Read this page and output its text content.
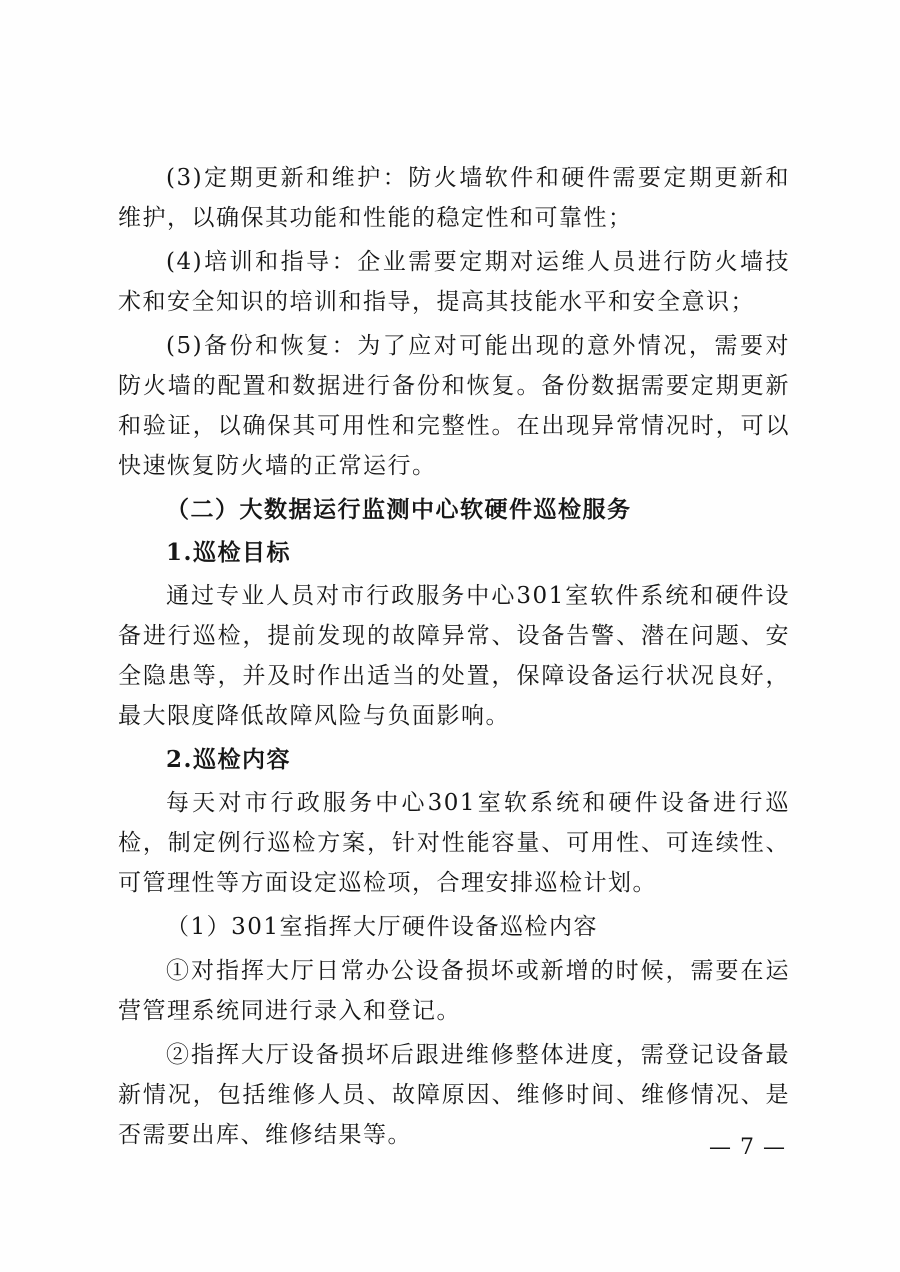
(3)定期更新和维护：防火墙软件和硬件需要定期更新和维护，以确保其功能和性能的稳定性和可靠性；

(4)培训和指导：企业需要定期对运维人员进行防火墙技术和安全知识的培训和指导，提高其技能水平和安全意识；

(5)备份和恢复：为了应对可能出现的意外情况，需要对防火墙的配置和数据进行备份和恢复。备份数据需要定期更新和验证，以确保其可用性和完整性。在出现异常情况时，可以快速恢复防火墙的正常运行。

（二）大数据运行监测中心软硬件巡检服务
1.巡检目标

通过专业人员对市行政服务中心301室软件系统和硬件设备进行巡检，提前发现的故障异常、设备告警、潜在问题、安全隐患等，并及时作出适当的处置，保障设备运行状况良好，最大限度降低故障风险与负面影响。

2.巡检内容

每天对市行政服务中心301室软系统和硬件设备进行巡检，制定例行巡检方案，针对性能容量、可用性、可连续性、可管理性等方面设定巡检项，合理安排巡检计划。

（1）301室指挥大厅硬件设备巡检内容

①对指挥大厅日常办公设备损坏或新增的时候，需要在运营管理系统同进行录入和登记。

②指挥大厅设备损坏后跟进维修整体进度，需登记设备最新情况，包括维修人员、故障原因、维修时间、维修情况、是否需要出库、维修结果等。	— 7 —
